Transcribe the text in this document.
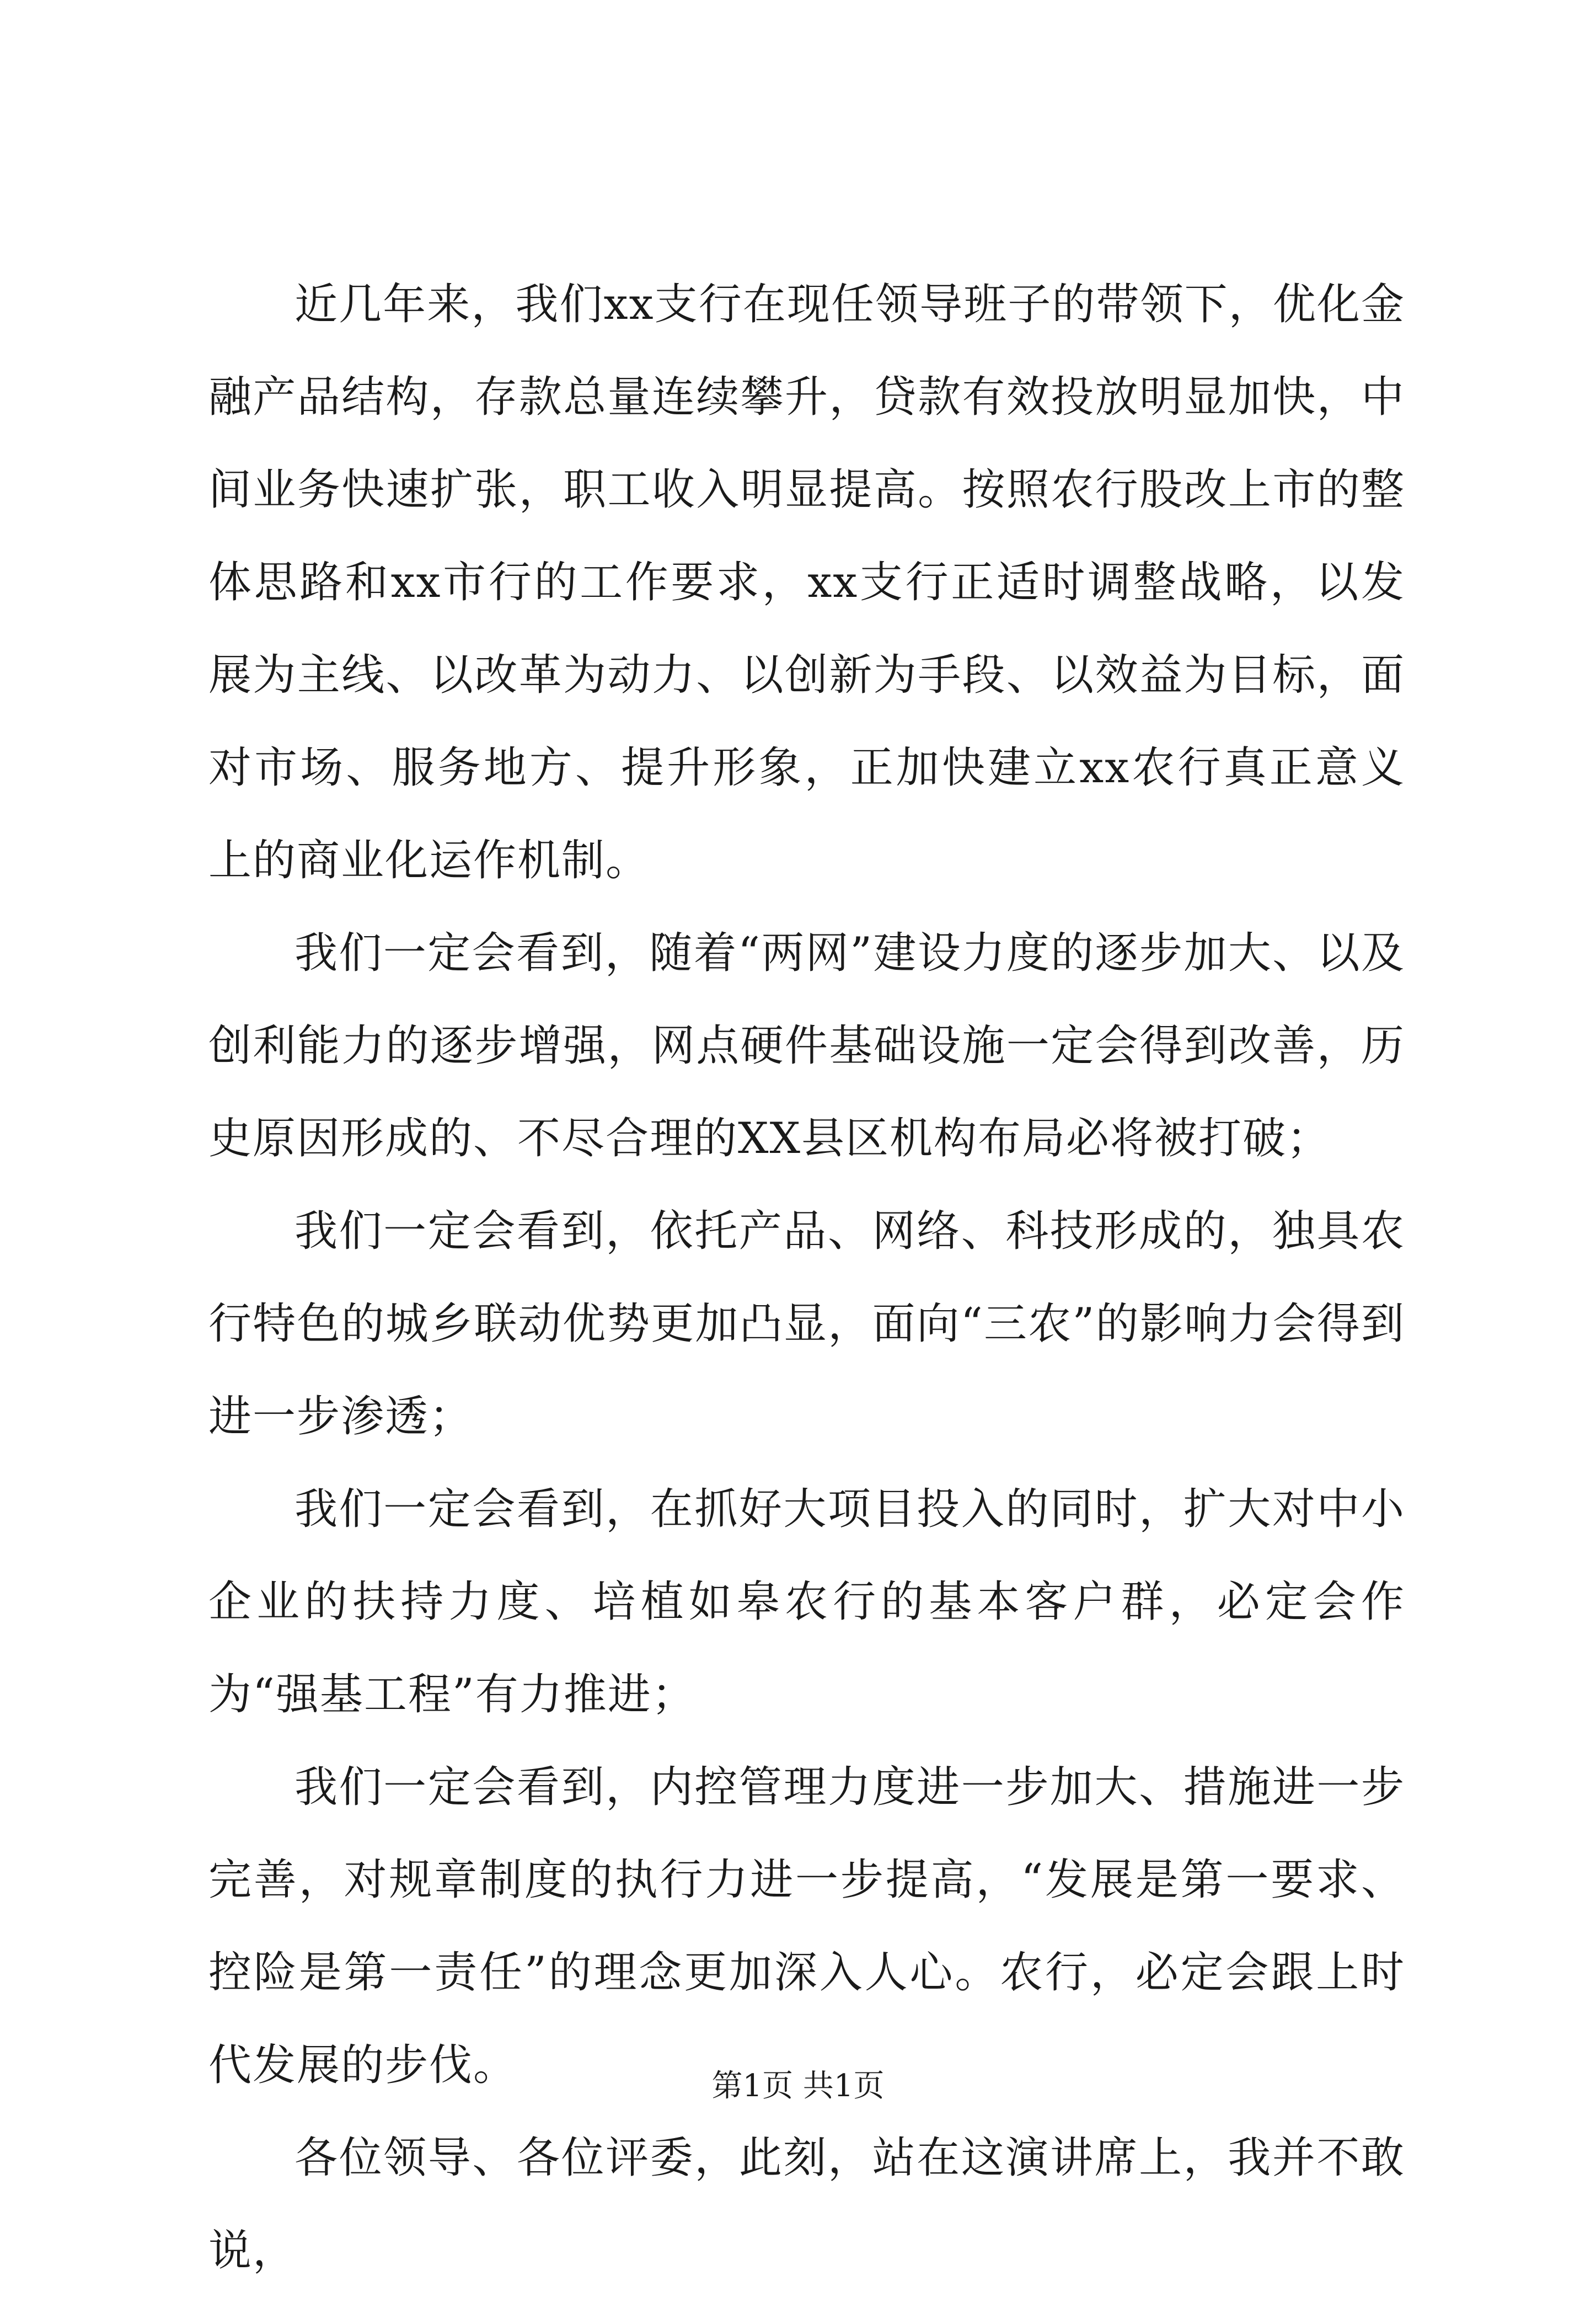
近几年来，我们xx支行在现任领导班子的带领下，优化金融产品结构，存款总量连续攀升，贷款有效投放明显加快，中间业务快速扩张，职工收入明显提高。按照农行股改上市的整体思路和xx市行的工作要求，xx支行正适时调整战略，以发展为主线、以改革为动力、以创新为手段、以效益为目标，面对市场、服务地方、提升形象，正加快建立xx农行真正意义上的商业化运作机制。

我们一定会看到，随着“两网”建设力度的逐步加大、以及创利能力的逐步增强，网点硬件基础设施一定会得到改善，历史原因形成的、不尽合理的XX县区机构布局必将被打破；

我们一定会看到，依托产品、网络、科技形成的，独具农行特色的城乡联动优势更加凸显，面向“三农”的影响力会得到进一步渗透；

我们一定会看到，在抓好大项目投入的同时，扩大对中小企业的扶持力度、培植如皋农行的基本客户群，必定会作为“强基工程”有力推进；

我们一定会看到，内控管理力度进一步加大、措施进一步完善，对规章制度的执行力进一步提高，“发展是第一要求、控险是第一责任”的理念更加深入人心。农行，必定会跟上时代发展的步伐。

各位领导、各位评委，此刻，站在这演讲席上，我并不敢说，

第1页 共1页
